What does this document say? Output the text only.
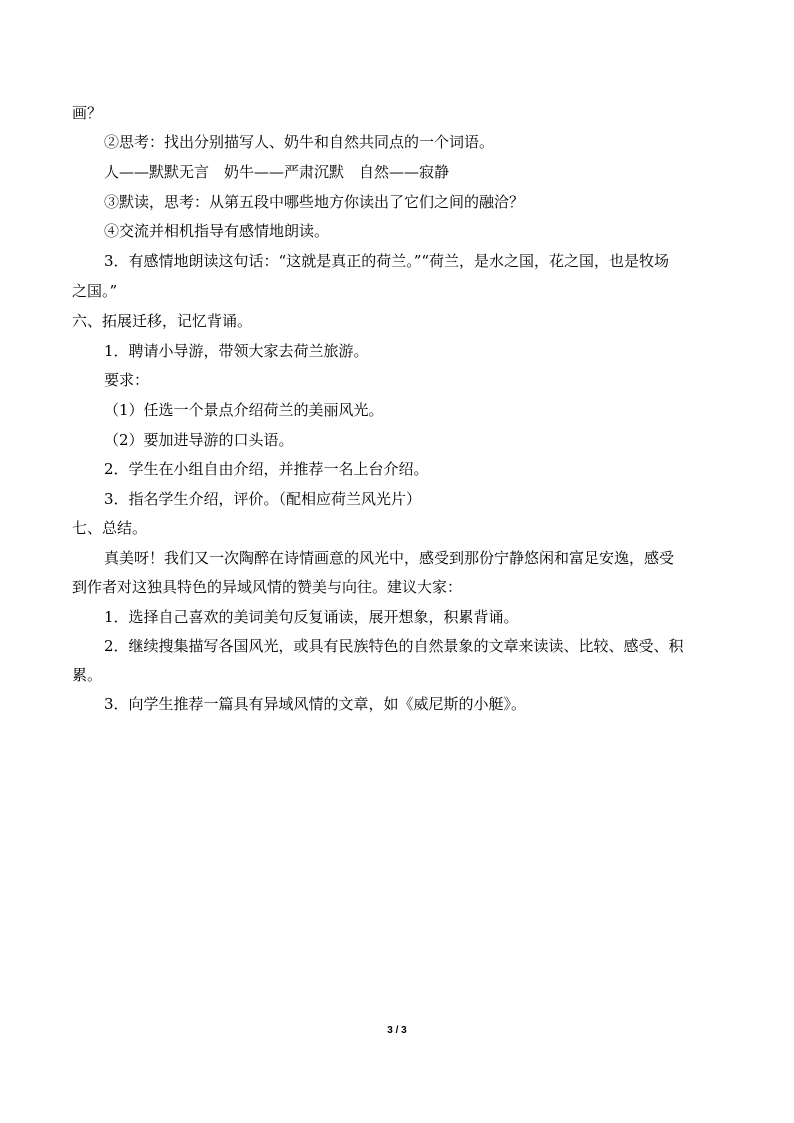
画？
②思考：找出分别描写人、奶牛和自然共同点的一个词语。
人——默默无言　奶牛——严肃沉默　自然——寂静
③默读，思考：从第五段中哪些地方你读出了它们之间的融洽？
④交流并相机指导有感情地朗读。
3．有感情地朗读这句话：“这就是真正的荷兰。”“荷兰，是水之国，花之国，也是牧场
之国。”
六、拓展迁移，记忆背诵。
1．聘请小导游，带领大家去荷兰旅游。
要求：
（1）任选一个景点介绍荷兰的美丽风光。
（2）要加进导游的口头语。
2．学生在小组自由介绍，并推荐一名上台介绍。
3．指名学生介绍，评价。（配相应荷兰风光片）
七、总结。
真美呀！我们又一次陶醉在诗情画意的风光中，感受到那份宁静悠闲和富足安逸，感受
到作者对这独具特色的异域风情的赞美与向往。建议大家：
1．选择自己喜欢的美词美句反复诵读，展开想象，积累背诵。
2．继续搜集描写各国风光，或具有民族特色的自然景象的文章来读读、比较、感受、积
累。
3．向学生推荐一篇具有异域风情的文章，如《威尼斯的小艇》。
3 / 3
